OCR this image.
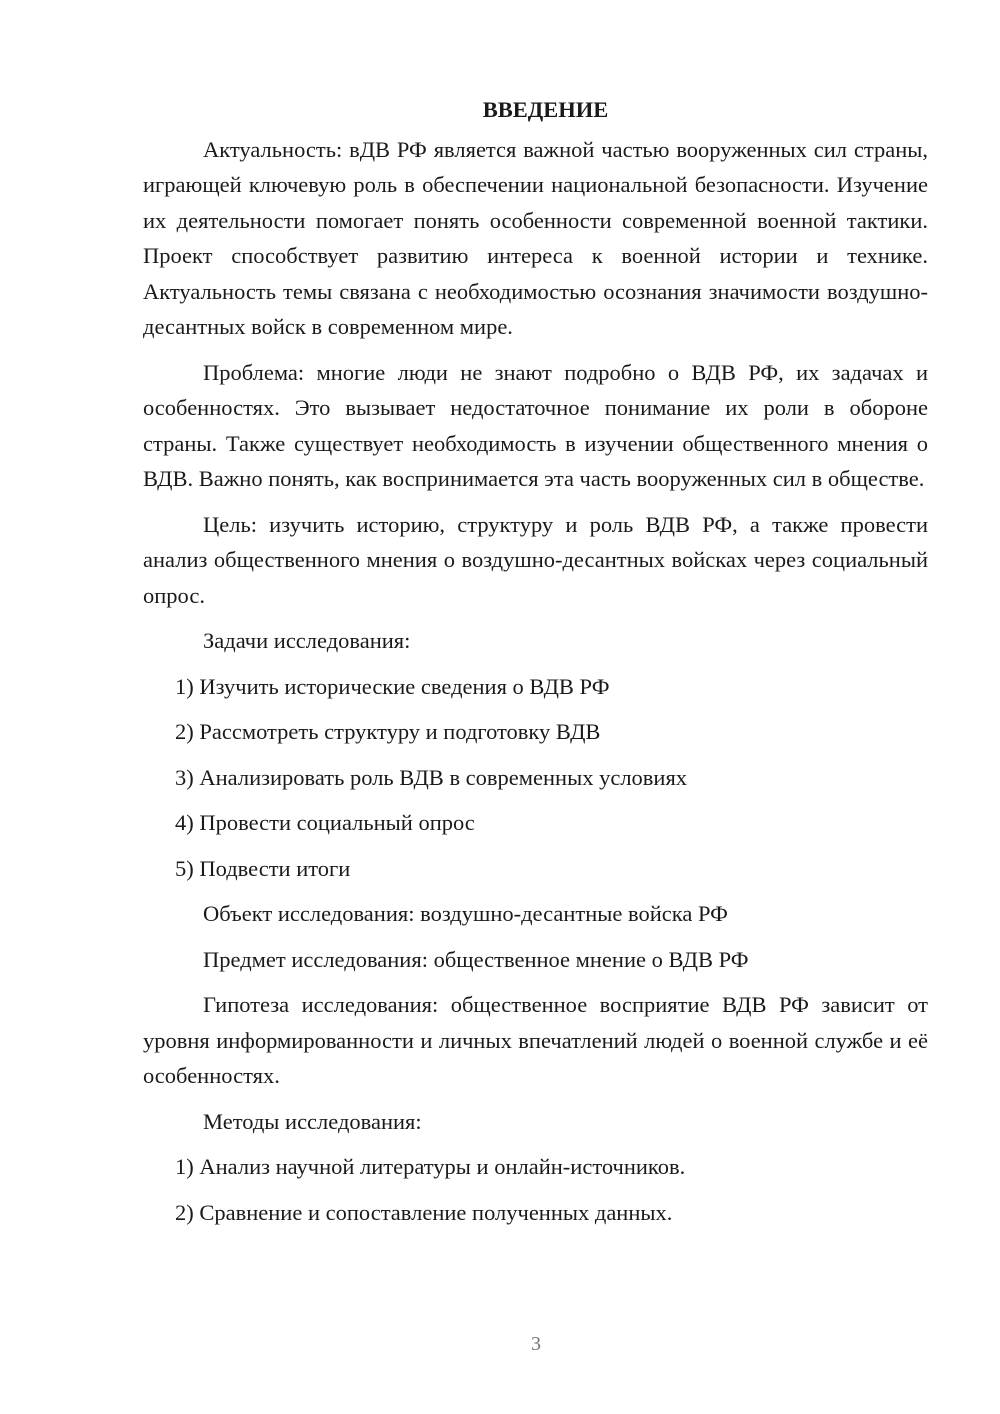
ВВЕДЕНИЕ

Актуальность: вДВ РФ является важной частью вооруженных сил страны, играющей ключевую роль в обеспечении национальной безопасности. Изучение их деятельности помогает понять особенности современной военной тактики. Проект способствует развитию интереса к военной истории и технике. Актуальность темы связана с необходимостью осознания значимости воздушно-десантных войск в современном мире.

Проблема: многие люди не знают подробно о ВДВ РФ, их задачах и особенностях. Это вызывает недостаточное понимание их роли в обороне страны. Также существует необходимость в изучении общественного мнения о ВДВ. Важно понять, как воспринимается эта часть вооруженных сил в обществе.

Цель: изучить историю, структуру и роль ВДВ РФ, а также провести анализ общественного мнения о воздушно-десантных войсках через социальный опрос.

Задачи исследования:

1) Изучить исторические сведения о ВДВ РФ
2) Рассмотреть структуру и подготовку ВДВ
3) Анализировать роль ВДВ в современных условиях
4) Провести социальный опрос
5) Подвести итоги

Объект исследования: воздушно-десантные войска РФ

Предмет исследования: общественное мнение о ВДВ РФ

Гипотеза исследования: общественное восприятие ВДВ РФ зависит от уровня информированности и личных впечатлений людей о военной службе и её особенностях.

Методы исследования:

1) Анализ научной литературы и онлайн-источников.
2) Сравнение и сопоставление полученных данных.
3
